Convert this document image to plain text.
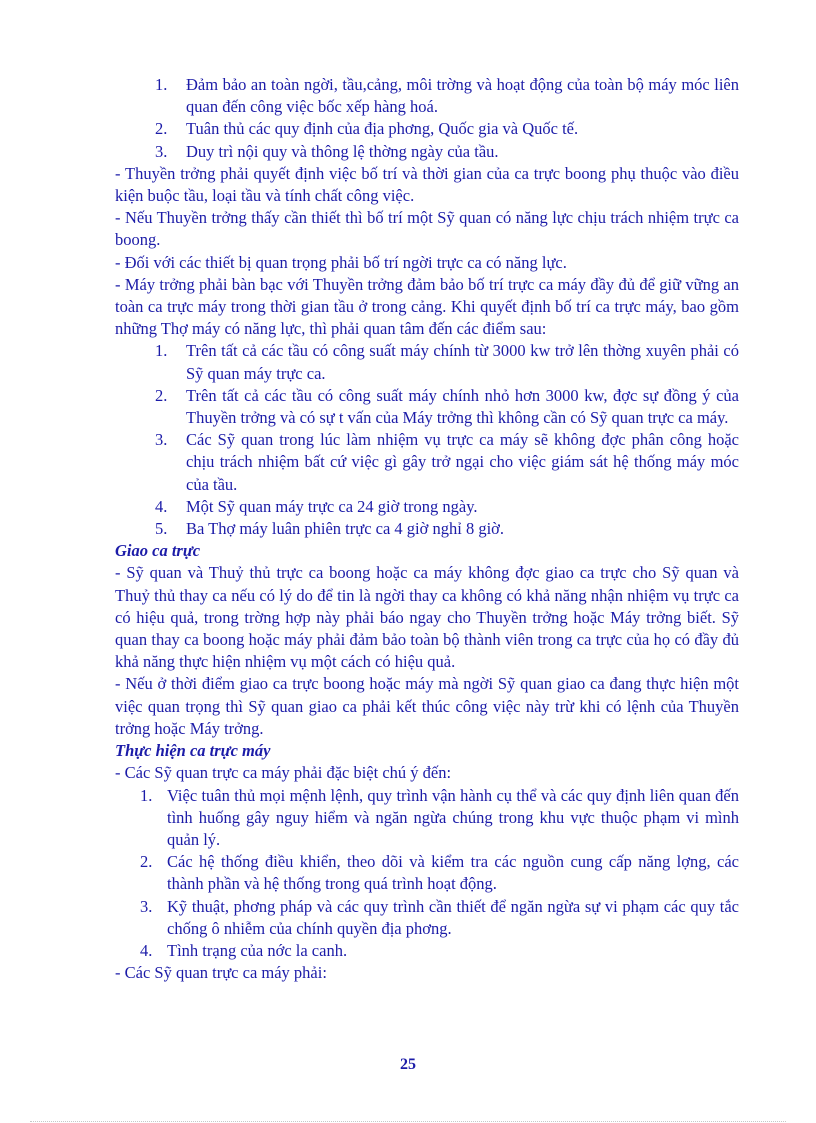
1. Đảm bảo an toàn ngời, tầu,cảng, môi trờng và hoạt động của toàn bộ máy móc liên quan đến công việc bốc xếp hàng hoá.
2. Tuân thủ các quy định của địa phơng, Quốc gia và Quốc tế.
3. Duy trì nội quy và thông lệ thờng ngày của tầu.

- Thuyền trởng phải quyết định việc bố trí và thời gian của ca trực boong phụ thuộc vào điều kiện buộc tầu, loại tầu và tính chất công việc.

- Nếu Thuyền trởng thấy cần thiết thì bố trí một Sỹ quan có năng lực chịu trách nhiệm trực ca boong.

- Đối với các thiết bị quan trọng phải bố trí ngời trực ca có năng lực.

- Máy trởng phải bàn bạc với Thuyền trởng đảm bảo bố trí trực ca máy đầy đủ để giữ vững an toàn ca trực máy trong thời gian tầu ở trong cảng. Khi quyết định bố trí ca trực máy, bao gồm những Thợ máy có năng lực, thì phải quan tâm đến các điểm sau:

1. Trên tất cả các tầu có công suất máy chính từ 3000 kw trở lên thờng xuyên phải có Sỹ quan máy trực ca.
2. Trên tất cả các tầu có công suất máy chính nhỏ hơn 3000 kw, đợc sự đồng ý của Thuyền trởng và có sự t vấn của Máy trởng thì không cần có Sỹ quan trực ca máy.
3. Các Sỹ quan trong lúc làm nhiệm vụ trực ca máy sẽ không đợc phân công hoặc chịu trách nhiệm bất cứ việc gì gây trở ngại cho việc giám sát hệ thống máy móc của tầu.
4. Một Sỹ quan máy trực ca 24 giờ trong ngày.
5. Ba Thợ máy luân phiên trực ca 4 giờ nghỉ 8 giờ.

Giao ca trực

- Sỹ quan và Thuỷ thủ trực ca boong hoặc ca máy không đợc giao ca trực cho Sỹ quan và Thuỷ thủ thay ca nếu có lý do để tin là ngời thay ca không có khả năng nhận nhiệm vụ trực ca có hiệu quả, trong trờng hợp này phải báo ngay cho Thuyền trởng hoặc Máy trởng biết. Sỹ quan thay ca boong hoặc máy phải đảm bảo toàn bộ thành viên trong ca trực của họ có đầy đủ khả năng thực hiện nhiệm vụ một cách có hiệu quả.

- Nếu ở thời điểm giao ca trực boong hoặc máy mà ngời Sỹ quan giao ca đang thực hiện một việc quan trọng thì Sỹ quan giao ca phải kết thúc công việc này trừ khi có lệnh của Thuyền trởng hoặc Máy trởng.

Thực hiện ca trực máy

- Các Sỹ quan trực ca máy phải đặc biệt chú ý đến:

1. Việc tuân thủ mọi mệnh lệnh, quy trình vận hành cụ thể và các quy định liên quan đến tình huống gây nguy hiểm và ngăn ngừa chúng trong khu vực thuộc phạm vi mình quản lý.
2. Các hệ thống điều khiển, theo dõi và kiểm tra các nguồn cung cấp năng lợng, các thành phần và hệ thống trong quá trình hoạt động.
3. Kỹ thuật, phơng pháp và các quy trình cần thiết để ngăn ngừa sự vi phạm các quy tắc chống ô nhiễm của chính quyền địa phơng.
4. Tình trạng của nớc la canh.

- Các Sỹ quan trực ca máy phải:

25
